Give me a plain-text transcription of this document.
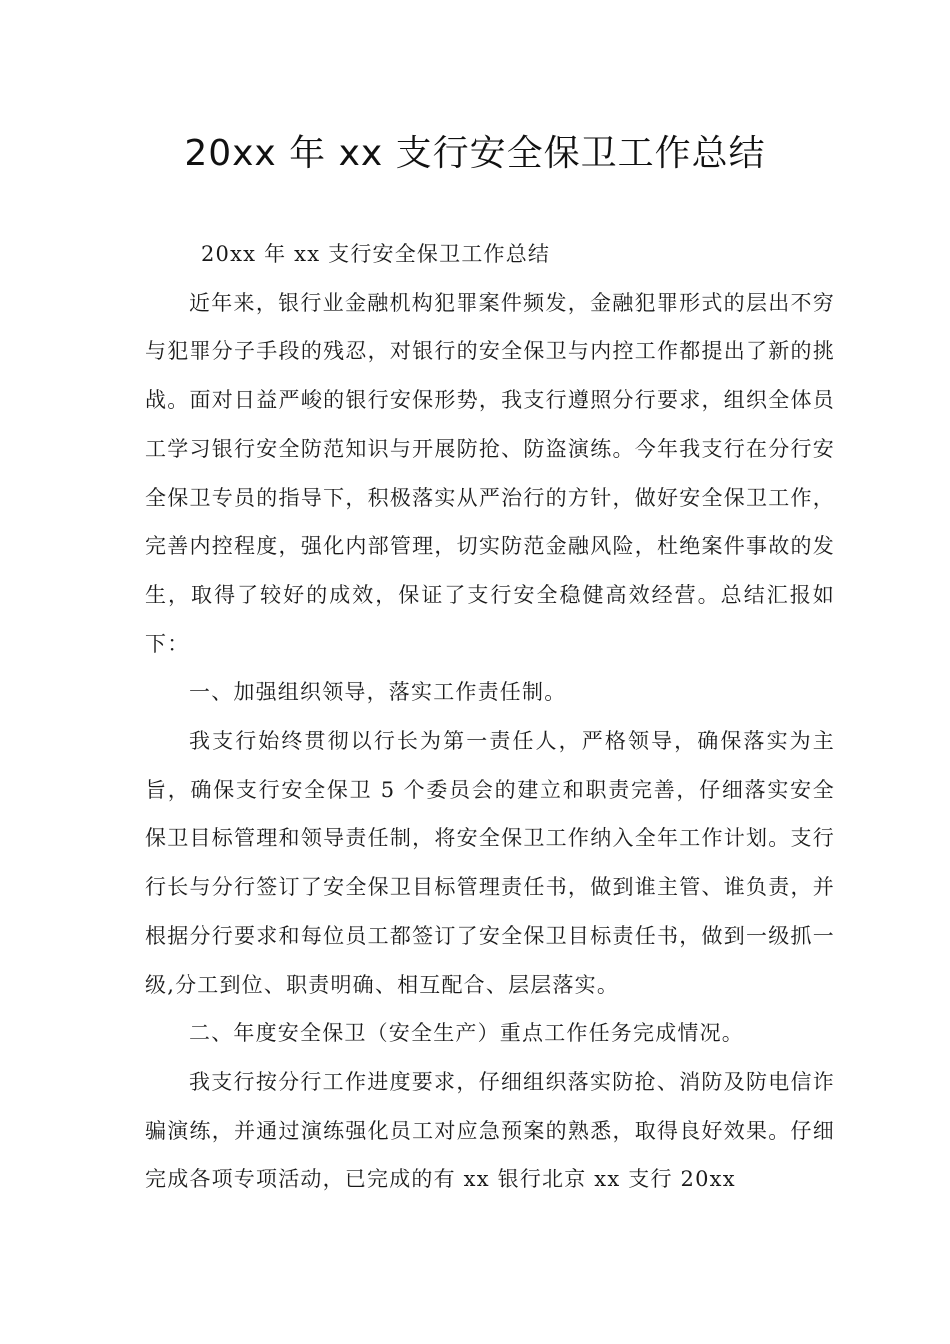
20xx 年 xx 支行安全保卫工作总结

20xx 年 xx 支行安全保卫工作总结

近年来，银行业金融机构犯罪案件频发，金融犯罪形式的层出不穷与犯罪分子手段的残忍，对银行的安全保卫与内控工作都提出了新的挑战。面对日益严峻的银行安保形势，我支行遵照分行要求，组织全体员工学习银行安全防范知识与开展防抢、防盗演练。今年我支行在分行安全保卫专员的指导下，积极落实从严治行的方针，做好安全保卫工作，完善内控程度，强化内部管理，切实防范金融风险，杜绝案件事故的发生，取得了较好的成效，保证了支行安全稳健高效经营。总结汇报如下：

一、加强组织领导，落实工作责任制。

我支行始终贯彻以行长为第一责任人，严格领导，确保落实为主旨，确保支行安全保卫 5 个委员会的建立和职责完善，仔细落实安全保卫目标管理和领导责任制，将安全保卫工作纳入全年工作计划。支行行长与分行签订了安全保卫目标管理责任书，做到谁主管、谁负责，并根据分行要求和每位员工都签订了安全保卫目标责任书，做到一级抓一级,分工到位、职责明确、相互配合、层层落实。

二、年度安全保卫（安全生产）重点工作任务完成情况。

我支行按分行工作进度要求，仔细组织落实防抢、消防及防电信诈骗演练，并通过演练强化员工对应急预案的熟悉，取得良好效果。仔细完成各项专项活动，已完成的有 xx 银行北京 xx 支行 20xx
